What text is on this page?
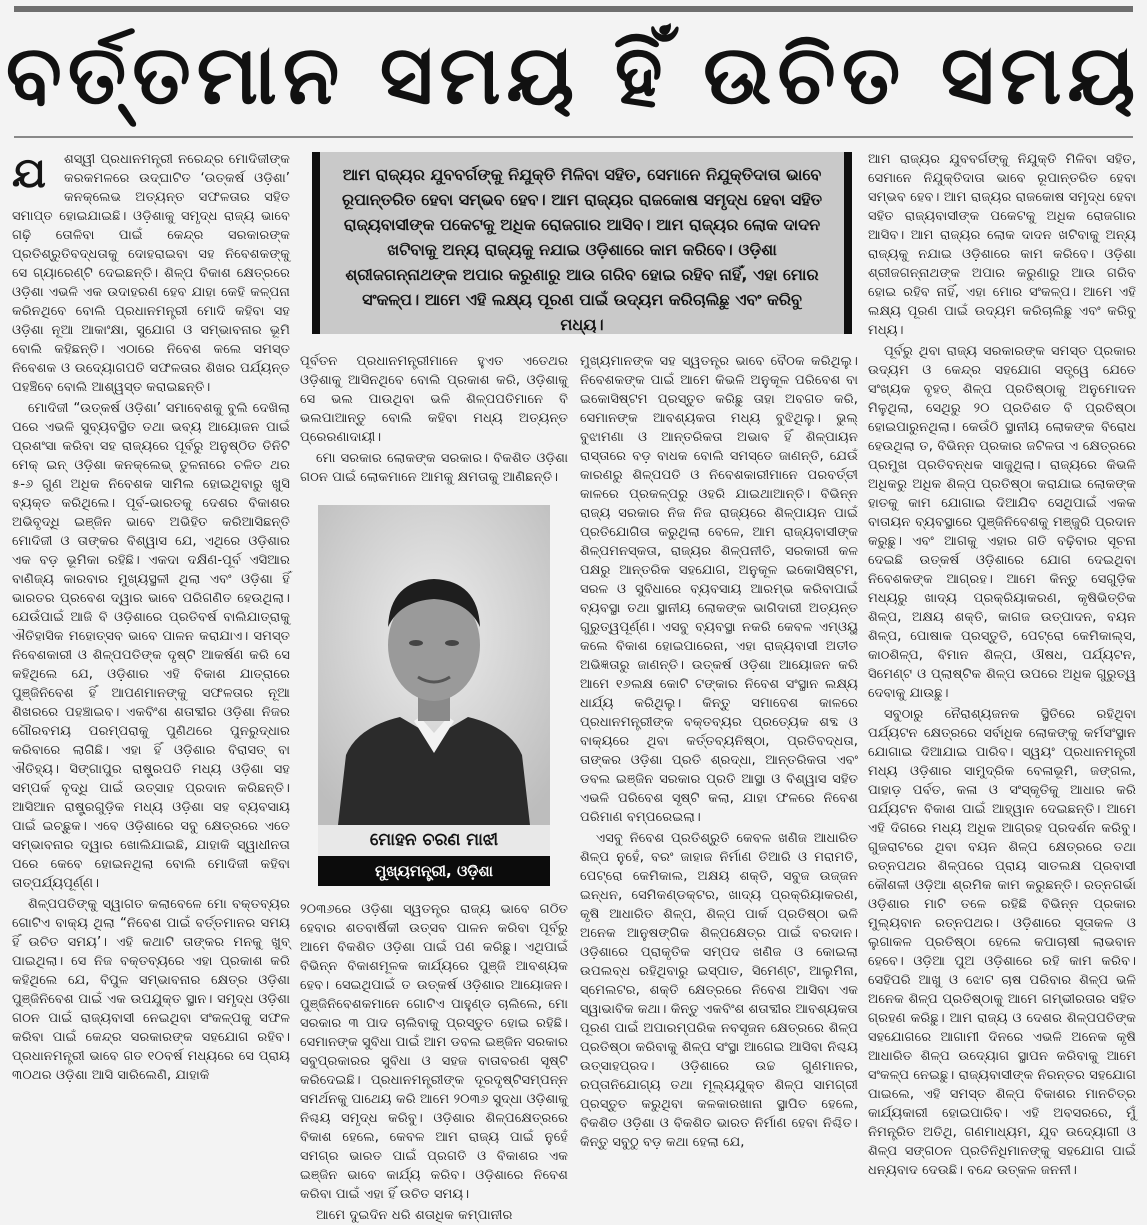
ବର୍ତ୍ତମାନ ସମୟ ହିଁ ଉଚିତ ସମୟ

ଯ	ଶସ୍ୱୀ ପ୍ରଧାନମନ୍ତ୍ରୀ ନରେନ୍ଦ୍ର ମୋଦିଜୀଙ୍କ କରକମଳରେ ଉଦ୍‌ଘାଟିତ ‘ଉତ୍କର୍ଷ ଓଡ଼ିଶା’ କନକ୍ଲେଭ ଅତ୍ୟନ୍ତ ସଫଳତାର ସହିତ ସମାପ୍ତ ହୋଇଯାଇଛି। ଓଡ଼ିଶାକୁ ସମୃଦ୍ଧ ରାଜ୍ୟ ଭାବେ ଗଢ଼ି ତୋଳିବା ପାଇଁ କେନ୍ଦ୍ର ସରକାରଙ୍କ ପ୍ରତିଶ୍ରୁତିବଦ୍ଧତାକୁ ଦୋହରାଇବା ସହ ନିବେଶକଙ୍କୁ ସେ ଗ୍ୟାରେଣ୍ଟି ଦେଇଛନ୍ତି। ଶିଳ୍ପ ବିକାଶ କ୍ଷେତ୍ରରେ ଓଡ଼ିଶା ଏଭଳି ଏକ ଉଦାହରଣ ହେବ ଯାହା କେହି କଳ୍ପନା କରିନଥିବେ ବୋଲି ପ୍ରଧାନମନ୍ତ୍ରୀ ମୋଦି କହିବା ସହ ଓଡ଼ିଶା ନୂଆ ଆକାଂକ୍ଷା, ସୁଯୋଗ ଓ ସମ୍ଭାବନାର ଭୂମି ବୋଲି କହିଛନ୍ତି। ଏଠାରେ ନିବେଶ କଲେ ସମସ୍ତ ନିବେଶକ ଓ ଉଦ୍ୟୋଗପତି ସଫଳତାର ଶିଖର ପର୍ଯ୍ୟନ୍ତ ପହଞ୍ଚିବେ ବୋଲି ଆଶ୍ୱସ୍ତ କରାଇଛନ୍ତି।

ମୋଦିଜୀ “ଉତ୍କର୍ଷ ଓଡ଼ିଶା’ ସମାବେଶକୁ ବୁଲି ଦେଖିଲା ପରେ ଏଭଳି ସୁବ୍ୟବସ୍ଥିତ ତଥା ଭବ୍ୟ ଆୟୋଜନ ପାଇଁ ପ୍ରଶଂସା କରିବା ସହ ରାଜ୍ୟରେ ପୂର୍ବରୁ ଅନୁଷ୍ଠିତ ତିନିଟି ମେକ୍ ଇନ୍ ଓଡ଼ିଶା କନକ୍ଲେଭ୍ ତୁଳନାରେ ଚଳିତ ଥର ୫-୬ ଗୁଣ ଅଧିକ ନିବେଶକ ସାମିଲ ହୋଇଥିବାରୁ ଖୁସି ବ୍ୟକ୍ତ କରିଥିଲେ। ପୂର୍ବ-ଭାରତକୁ ଦେଶର ବିକାଶର ଅଭିବୃଦ୍ଧି ଇଞ୍ଜିନ ଭାବେ ଅଭିହିତ କରିଆସିଛନ୍ତି ମୋଦିଜୀ ଓ ତାଙ୍କର ବିଶ୍ୱାସ ଯେ, ଏଥିରେ ଓଡ଼ିଶାର ଏକ ବଡ଼ ଭୂମିକା ରହିଛି। ଏକଦା ଦକ୍ଷିଣ-ପୂର୍ବ ଏସିଆର ବାଣିଜ୍ୟ କାରବାର ମୁଖ୍ୟସ୍ଥଳୀ ଥିଲା ଏବଂ ଓଡ଼ିଶା ହିଁ ଭାରତର ପ୍ରବେଶ ଦ୍ୱାର ଭାବେ ପରିଗଣିତ ହେଉଥିଲା। ଯେଉଁପାଇଁ ଆଜି ବି ଓଡ଼ିଶାରେ ପ୍ରତିବର୍ଷ ବାଲିଯାତ୍ରାକୁ ଐତିହାସିକ ମହୋତ୍ସବ ଭାବେ ପାଳନ କରାଯାଏ। ସମସ୍ତ ନିବେଶକାରୀ ଓ ଶିଳ୍ପପତିଙ୍କ ଦୃଷ୍ଟି ଆକର୍ଷଣ କରି ସେ କହିଥିଲେ ଯେ, ଓଡ଼ିଶାର ଏହି ବିକାଶ ଯାତ୍ରାରେ ପୁଞ୍ଜିନିବେଶ ହିଁ ଆପଣମାନଙ୍କୁ ସଫଳତାର ନୂଆ ଶିଖରରେ ପହଞ୍ଚାଇବ। ଏକବିଂଶ ଶତାବ୍ଦୀର ଓଡ଼ିଶା ନିଜର ଗୌରବମୟ ପରମ୍ପରାକୁ ପୁଣିଥରେ ପୁନରୁଦ୍ଧାର କରିବାରେ ଲାଗିଛି। ଏହା ହିଁ ଓଡ଼ିଶାର ବିରାସତ୍ ବା ଐତିହ୍ୟ। ସିଙ୍ଗାପୁର ରାଷ୍ଟ୍ରପତି ମଧ୍ୟ ଓଡ଼ିଶା ସହ ସମ୍ପର୍କ ବୃଦ୍ଧି ପାଇଁ ଉତ୍ସାହ ପ୍ରଦାନ କରିଛନ୍ତି। ଆସିଆନ ରାଷ୍ଟ୍ରଗୁଡ଼ିକ ମଧ୍ୟ ଓଡ଼ିଶା ସହ ବ୍ୟବସାୟ ପାଇଁ ଇଚ୍ଛୁକ। ଏବେ ଓଡ଼ିଶାରେ ସବୁ କ୍ଷେତ୍ରରେ ଏତେ ସମ୍ଭାବନାର ଦ୍ୱାର ଖୋଲିଯାଇଛି, ଯାହାକି ସ୍ୱାଧୀନତା ପରେ କେବେ ହୋଇନଥିଲା ବୋଲି ମୋଦିଜୀ କହିବା ତାତ୍ପର୍ଯ୍ୟପୂର୍ଣ୍ଣ।

ଶିଳ୍ପପତିଙ୍କୁ ସ୍ୱାଗତ କଲାବେଳେ ମୋ ବକ୍ତବ୍ୟର ଗୋଟିଏ ବାକ୍ୟ ଥିଲା “ନିବେଶ ପାଇଁ ବର୍ତ୍ତମାନର ସମୟ ହିଁ ଉଚିତ ସମୟ’। ଏହି କଥାଟି ତାଙ୍କର ମନକୁ ଖୁବ୍ ପାଇଥିଲା। ସେ ନିଜ ବକ୍ତବ୍ୟରେ ଏହା ପ୍ରକାଶ କରି କହିଥିଲେ ଯେ, ବିପୁଳ ସମ୍ଭାବନାର କ୍ଷେତ୍ର ଓଡ଼ିଶା ପୁଞ୍ଜିନିବେଶ ପାଇଁ ଏକ ଉପଯୁକ୍ତ ସ୍ଥାନ। ସମୃଦ୍ଧ ଓଡ଼ିଶା ଗଠନ ପାଇଁ ରାଜ୍ୟବାସୀ ନେଇଥିବା ସଂକଳ୍ପକୁ ସଫଳ କରିବା ପାଇଁ କେନ୍ଦ୍ର ସରକାରଙ୍କ ସହଯୋଗ ରହିବ। ପ୍ରଧାନମନ୍ତ୍ରୀ ଭାବେ ଗତ ୧୦ବର୍ଷ ମଧ୍ୟରେ ସେ ପ୍ରାୟ ୩୦ଥର ଓଡ଼ିଶା ଆସି ସାରିଲେଣି, ଯାହାକି

ଆମ ରାଜ୍ୟର ଯୁବବର୍ଗଙ୍କୁ ନିଯୁକ୍ତି ମିଳିବା ସହିତ, ସେମାନେ ନିଯୁକ୍ତିଦାତା ଭାବେ ରୂପାନ୍ତରିତ ହେବା ସମ୍ଭବ ହେବ। ଆମ ରାଜ୍ୟର ରାଜକୋଷ ସମୃଦ୍ଧ ହେବା ସହିତ ରାଜ୍ୟବାସୀଙ୍କ ପକେଟକୁ ଅଧିକ ରୋଜଗାର ଆସିବ। ଆମ ରାଜ୍ୟର ଲୋକ ଦାଦନ ଖଟିବାକୁ ଅନ୍ୟ ରାଜ୍ୟକୁ ନଯାଇ ଓଡ଼ିଶାରେ କାମ କରିବେ। ଓଡ଼ିଶା ଶ୍ରୀଜଗନ୍ନାଥଙ୍କ ଅପାର କରୁଣାରୁ ଆଉ ଗରିବ ହୋଇ ରହିବ ନାହିଁ, ଏହା ମୋର ସଂକଳ୍ପ। ଆମେ ଏହି ଲକ୍ଷ୍ୟ ପୂରଣ ପାଇଁ ଉଦ୍ୟମ କରିଚାଲିଛୁ ଏବଂ କରିବୁ ମଧ୍ୟ।

ପୂର୍ବତନ ପ୍ରଧାନମନ୍ତ୍ରୀମାନେ ହୁଏତ ଏତେଥର ଓଡ଼ିଶାକୁ ଆସିନଥିବେ ବୋଲି ପ୍ରକାଶ କରି, ଓଡ଼ିଶାକୁ ସେ ଭଲ ପାଉଥିବା ଭଳି ଶିଳ୍ପପତିମାନେ ବି ଭଲପାଆନ୍ତୁ ବୋଲି କହିବା ମଧ୍ୟ ଅତ୍ୟନ୍ତ ପ୍ରେରଣାଦାୟୀ।

ମୋ ସରକାର ଲୋକଙ୍କ ସରକାର। ବିକଶିତ ଓଡ଼ିଶା ଗଠନ ପାଇଁ ଲୋକମାନେ ଆମକୁ କ୍ଷମତାକୁ ଆଣିଛନ୍ତି।

ମୋହନ ଚରଣ ମାଝୀ
ମୁଖ୍ୟମନ୍ତ୍ରୀ, ଓଡ଼ିଶା

୨୦୩୬ରେ ଓଡ଼ିଶା ସ୍ୱତନ୍ତ୍ର ରାଜ୍ୟ ଭାବେ ଗଠିତ ହେବାର ଶତବାର୍ଷିକୀ ଉତ୍ସବ ପାଳନ କରିବା ପୂର୍ବରୁ ଆମେ ବିକଶିତ ଓଡ଼ିଶା ପାଇଁ ପଣ କରିଛୁ। ଏଥିପାଇଁ ବିଭିନ୍ନ ବିକାଶମୂଳକ କାର୍ଯ୍ୟରେ ପୁଞ୍ଜି ଆବଶ୍ୟକ ହେବ। ସେଇଥିପାଇଁ ତ ଉତ୍କର୍ଷ ଓଡ଼ିଶାର ଆୟୋଜନ। ପୁଞ୍ଜିନିବେଶକମାନେ ଗୋଟିଏ ପାହୁଣ୍ଡ ଚାଲିଲେ, ମୋ ସରକାର ୩ ପାଦ ଚାଲିବାକୁ ପ୍ରସ୍ତୁତ ହୋଇ ରହିଛି। ସେମାନଙ୍କ ସୁବିଧା ପାଇଁ ଆମ ଡବଲ ଇଞ୍ଜିନ ସରକାର ସବୁପ୍ରକାରର ସୁବିଧା ଓ ସହଜ ବାତାବରଣ ସୃଷ୍ଟି କରିଦେଇଛି। ପ୍ରଧାନମନ୍ତ୍ରୀଙ୍କ ଦୂରଦୃଷ୍ଟିସମ୍ପନ୍ନ ସମର୍ଥନକୁ ପାଥେୟ କରି ଆମେ ୨୦୩୬ ସୁଦ୍ଧା ଓଡ଼ିଶାକୁ ନିଶ୍ଚୟ ସମୃଦ୍ଧ କରିବୁ। ଓଡ଼ିଶାର ଶିଳ୍ପକ୍ଷେତ୍ରରେ ବିକାଶ ହେଲେ, କେବଳ ଆମ ରାଜ୍ୟ ପାଇଁ ନୁହେଁ ସମଗ୍ର ଭାରତ ପାଇଁ ପ୍ରଗତି ଓ ବିକାଶର ଏକ ଇଞ୍ଜିନ ଭାବେ କାର୍ଯ୍ୟ କରିବ। ଓଡ଼ିଶାରେ ନିବେଶ କରିବା ପାଇଁ ଏହା ହିଁ ଉଚିତ ସମୟ।

ଆମେ ଦୁଇଦିନ ଧରି ଶତାଧିକ କମ୍ପାନୀର

ମୁଖ୍ୟମାନଙ୍କ ସହ ସ୍ୱତନ୍ତ୍ର ଭାବେ ବୈଠକ କରିଥିଲୁ। ନିବେଶକଙ୍କ ପାଇଁ ଆମେ କିଭଳି ଅନୁକୂଳ ପରିବେଶ ବା ଇକୋସିଷ୍ଟମ ପ୍ରସ୍ତୁତ କରିଛୁ ତାହା ଅବଗତ କରି, ସେମାନଙ୍କ ଆବଶ୍ୟକତା ମଧ୍ୟ ବୁଝିଥିଲୁ। ଭୁଲ୍ ବୁଝାମଣା ଓ ଆନ୍ତରିକତା ଅଭାବ ହିଁ ଶିଳ୍ପାୟନ ରାସ୍ତାରେ ବଡ଼ ବାଧକ ବୋଲି ସମସ୍ତେ ଜାଣନ୍ତି, ଯେଉଁ କାରଣରୁ ଶିଳ୍ପପତି ଓ ନିବେଶକାରୀମାନେ ପରବର୍ତ୍ତୀ କାଳରେ ପ୍ରକଳ୍ପରୁ ଓହରି ଯାଇଥାଆନ୍ତି। ବିଭିନ୍ନ ରାଜ୍ୟ ସରକାର ନିଜ ନିଜ ରାଜ୍ୟରେ ଶିଳ୍ପାୟନ ପାଇଁ ପ୍ରତିଯୋଗିତା କରୁଥିଲା ବେଳେ, ଆମ ରାଜ୍ୟବାସୀଙ୍କ ଶିଳ୍ପମନସ୍କତା, ରାଜ୍ୟର ଶିଳ୍ପନୀତି, ସରକାରୀ କଳ ପକ୍ଷରୁ ଆନ୍ତରିକ ସହଯୋଗ, ଅନୁକୂଳ ଇକୋସିଷ୍ଟମ, ସରଳ ଓ ସୁବିଧାରେ ବ୍ୟବସାୟ ଆରମ୍ଭ କରିବାପାଇଁ ବ୍ୟବସ୍ଥା ତଥା ସ୍ଥାନୀୟ ଲୋକଙ୍କ ଭାଗିଦାରୀ ଅତ୍ୟନ୍ତ ଗୁରୁତ୍ୱପୂର୍ଣ୍ଣ। ଏସବୁ ବ୍ୟବସ୍ଥା ନକରି କେବଳ ଏମ୍ଓୟୁ କଲେ ବିକାଶ ହୋଇପାରେନା, ଏହା ରାଜ୍ୟବାସୀ ଅତୀତ ଅଭିଜ୍ଞତାରୁ ଜାଣନ୍ତି। ଉତ୍କର୍ଷ ଓଡ଼ିଶା ଆୟୋଜନ କରି ଆମେ ୧୬ଲକ୍ଷ କୋଟି ଟଙ୍କାର ନିବେଶ ସଂସ୍ଥାନ ଲକ୍ଷ୍ୟ ଧାର୍ଯ୍ୟ କରିଥିଲୁ। କିନ୍ତୁ ସମାବେଶ କାଳରେ ପ୍ରଧାନମନ୍ତ୍ରୀଙ୍କ ବକ୍ତବ୍ୟର ପ୍ରତ୍ୟେକ ଶବ୍ଦ ଓ ବାକ୍ୟରେ ଥିବା କର୍ତ୍ତବ୍ୟନିଷ୍ଠା, ପ୍ରତିବଦ୍ଧତା, ତାଙ୍କର ଓଡ଼ିଶା ପ୍ରତି ଶ୍ରଦ୍ଧା, ଆନ୍ତରିକତା ଏବଂ ଡବଲ ଇଞ୍ଜିନ ସରକାର ପ୍ରତି ଆସ୍ଥା ଓ ବିଶ୍ୱାସ ସହିତ ଏଭଳି ପରିବେଶ ସୃଷ୍ଟି କଲା, ଯାହା ଫଳରେ ନିବେଶ ପରିମାଣ ବମ୍ପରେଇଲା।

ଏସବୁ ନିବେଶ ପ୍ରତିଶ୍ରୁତି କେବଳ ଖଣିଜ ଆଧାରିତ ଶିଳ୍ପ ନୁହେଁ, ବରଂ ଜାହାଜ ନିର୍ମାଣ ତିଆରି ଓ ମରାମତି, ପେଟ୍ରୋ କେମିକାଲ, ଅକ୍ଷୟ ଶକ୍ତି, ସବୁଜ ଉଜ୍ଜନ ଇନ୍ଧନ, ସେମିକଣ୍ଡକ୍ଟର, ଖାଦ୍ୟ ପ୍ରକ୍ରିୟାକରଣ, କୃଷି ଆଧାରିତ ଶିଳ୍ପ, ଶିଳ୍ପ ପାର୍କ ପ୍ରତିଷ୍ଠା ଭଳି ଅନେକ ଆନୁଷଙ୍ଗିକ ଶିଳ୍ପକ୍ଷେତ୍ର ପାଇଁ ବରଦାନ। ଓଡ଼ିଶାରେ ପ୍ରାକୃତିକ ସମ୍ପଦ ଖଣିଜ ଓ କୋଇଲା ଉପଲବ୍ଧ ରହିଥିବାରୁ ଇସ୍ପାତ, ସିମେଣ୍ଟ, ଆଲୁମିନା, ସ୍ମେଲଟର, ଶକ୍ତି କ୍ଷେତ୍ରରେ ନିବେଶ ଆସିବା ଏକ ସ୍ୱାଭାବିକ କଥା। କିନ୍ତୁ ଏକବିଂଶ ଶତାବ୍ଦୀର ଆବଶ୍ୟକତା ପୂରଣ ପାଇଁ ଅପାରମ୍ପରିକ ନବସୃଜନ କ୍ଷେତ୍ରରେ ଶିଳ୍ପ ପ୍ରତିଷ୍ଠା କରିବାକୁ ଶିଳ୍ପ ସଂସ୍ଥା ଆଗେଇ ଆସିବା ନିଶ୍ଚୟ ଉତ୍ସାହପ୍ରଦ। ଓଡ଼ିଶାରେ ଉଚ୍ଚ ଗୁଣମାନର, ରପ୍ତାନିଯୋଗ୍ୟ ତଥା ମୂଲ୍ୟଯୁକ୍ତ ଶିଳ୍ପ ସାମଗ୍ରୀ ପ୍ରସ୍ତୁତ କରୁଥିବା କଳକାରଖାନା ସ୍ଥାପିତ ହେଲେ, ବିକଶିତ ଓଡ଼ିଶା ଓ ବିକଶିତ ଭାରତ ନିର୍ମାଣ ହେବା ନିଶ୍ଚିତ। କିନ୍ତୁ ସବୁଠୁ ବଡ଼ କଥା ହେଲା ଯେ,

ଆମ ରାଜ୍ୟର ଯୁବବର୍ଗଙ୍କୁ ନିଯୁକ୍ତି ମିଳିବା ସହିତ, ସେମାନେ ନିଯୁକ୍ତିଦାତା ଭାବେ ରୂପାନ୍ତରିତ ହେବା ସମ୍ଭବ ହେବ। ଆମ ରାଜ୍ୟର ରାଜକୋଷ ସମୃଦ୍ଧ ହେବା ସହିତ ରାଜ୍ୟବାସୀଙ୍କ ପକେଟକୁ ଅଧିକ ରୋଜଗାର ଆସିବ। ଆମ ରାଜ୍ୟର ଲୋକ ଦାଦନ ଖଟିବାକୁ ଅନ୍ୟ ରାଜ୍ୟକୁ ନଯାଇ ଓଡ଼ିଶାରେ କାମ କରିବେ। ଓଡ଼ିଶା ଶ୍ରୀଜଗନ୍ନାଥଙ୍କ ଅପାର କରୁଣାରୁ ଆଉ ଗରିବ ହୋଇ ରହିବ ନାହିଁ, ଏହା ମୋର ସଂକଳ୍ପ। ଆମେ ଏହି ଲକ୍ଷ୍ୟ ପୂରଣ ପାଇଁ ଉଦ୍ୟମ କରିଚାଲିଛୁ ଏବଂ କରିବୁ ମଧ୍ୟ।

ପୂର୍ବରୁ ଥିବା ରାଜ୍ୟ ସରକାରଙ୍କ ସମସ୍ତ ପ୍ରକାର ଉଦ୍ୟମ ଓ କେନ୍ଦ୍ର ସହଯୋଗ ସତ୍ତ୍ୱେ ଯେତେ ସଂଖ୍ୟକ ବୃହତ୍ ଶିଳ୍ପ ପ୍ରତିଷ୍ଠାକୁ ଅନୁମୋଦନ ମିଳୁଥିଲା, ସେଥିରୁ ୨୦ ପ୍ରତିଶତ ବି ପ୍ରତିଷ୍ଠା ହୋଇପାରୁନଥିଲା। କେଉଁଠି ସ୍ଥାନୀୟ ଲୋକଙ୍କ ବିରୋଧ ହେଉଥିଲା ତ, ବିଭିନ୍ନ ପ୍ରକାର ଜଟିଳତା ଏ କ୍ଷେତ୍ରରେ ପ୍ରମୁଖ ପ୍ରତିବନ୍ଧକ ସାଜୁଥିଲା। ରାଜ୍ୟରେ କିଭଳି ଅଧିକରୁ ଅଧିକ ଶିଳ୍ପ ପ୍ରତିଷ୍ଠା କରାଯାଇ ଲୋକଙ୍କ ହାତକୁ କାମ ଯୋଗାଇ ଦିଆଯିବ ସେଥିପାଇଁ ଏକକ ବାତାୟନ ବ୍ୟବସ୍ଥାରେ ପୁଞ୍ଜିନିବେଶକୁ ମଞ୍ଜୁରି ପ୍ରଦାନ କରୁଛୁ। ଏବଂ ଆଗକୁ ଏହାର ଗତି ବଢ଼ିବାର ସୂଚନା ଦେଇଛି ଉତ୍କର୍ଷ ଓଡ଼ିଶାରେ ଯୋଗ ଦେଇଥିବା ନିବେଶକଙ୍କ ଆଗ୍ରହ। ଆମେ କିନ୍ତୁ ସେଗୁଡ଼ିକ ମଧ୍ୟରୁ ଖାଦ୍ୟ ପ୍ରକ୍ରିୟାକରଣ, କୃଷିଭିତ୍ତିକ ଶିଳ୍ପ, ଅକ୍ଷୟ ଶକ୍ତି, କାଗଜ ଉତ୍ପାଦନ, ବୟନ ଶିଳ୍ପ, ପୋଷାକ ପ୍ରସ୍ତୁତି, ପେଟ୍ରୋ କେମିକାଲ୍ସ, କାଠଶିଳ୍ପ, ବିମାନ ଶିଳ୍ପ, ଔଷଧ, ପର୍ଯ୍ୟଟନ, ସିମେଣ୍ଟ ଓ ପ୍ଲାଷ୍ଟିକ ଶିଳ୍ପ ଉପରେ ଅଧିକ ଗୁରୁତ୍ୱ ଦେବାକୁ ଯାଉଛୁ।

ସବୁଠାରୁ ନୈରାଶ୍ୟଜନକ ସ୍ଥିତିରେ ରହିଥିବା ପର୍ଯ୍ୟଟନ କ୍ଷେତ୍ରରେ ସର୍ବାଧିକ ଲୋକଙ୍କୁ କର୍ମସଂସ୍ଥାନ ଯୋଗାଇ ଦିଆଯାଇ ପାରିବ। ସ୍ୱୟଂ ପ୍ରଧାନମନ୍ତ୍ରୀ ମଧ୍ୟ ଓଡ଼ିଶାର ସାମୁଦ୍ରିକ ବେଳାଭୂମି, ଜଙ୍ଗଲ, ପାହାଡ଼ ପର୍ବତ, କଳା ଓ ସଂସ୍କୃତିକୁ ଆଧାର କରି ପର୍ଯ୍ୟଟନ ବିକାଶ ପାଇଁ ଆହ୍ୱାନ ଦେଇଛନ୍ତି। ଆମେ ଏହି ଦିଗରେ ମଧ୍ୟ ଅଧିକ ଆଗ୍ରହ ପ୍ରଦର୍ଶନ କରିବୁ। ଗୁଜରାଟରେ ଥିବା ବୟନ ଶିଳ୍ପ କ୍ଷେତ୍ରରେ ତଥା ରତ୍ନପଥର ଶିଳ୍ପରେ ପ୍ରାୟ ସାତଲକ୍ଷ ପ୍ରବାସୀ କୌଶଳୀ ଓଡ଼ିଆ ଶ୍ରମିକ କାମ କରୁଛନ୍ତି। ରତ୍ନଗର୍ଭା ଓଡ଼ିଶାର ମାଟି ତଳେ ରହିଛି ବିଭିନ୍ନ ପ୍ରକାର ମୁଲ୍ୟବାନ ରତ୍ନପଥର। ଓଡ଼ିଶାରେ ସୂତାକଳ ଓ ଲୁଗାକଳ ପ୍ରତିଷ୍ଠା ହେଲେ କପାଚାଷୀ ଲାଭବାନ ହେବେ। ଓଡ଼ିଆ ପୁଅ ଓଡ଼ିଶାରେ ରହି କାମ କରିବ। ସେହିପରି ଆଖୁ ଓ ଝୋଟ ଚାଷ ପରିବାର ଶିଳ୍ପ ଭଳି ଅନେକ ଶିଳ୍ପ ପ୍ରତିଷ୍ଠାକୁ ଆମେ ଗମ୍ଭୀରତାର ସହିତ ଗ୍ରହଣ କରିଛୁ। ଆମ ରାଜ୍ୟ ଓ ଦେଶର ଶିଳ୍ପପତିଙ୍କ ସହଯୋଗରେ ଆଗାମୀ ଦିନରେ ଏଭଳି ଅନେକ କୃଷି ଆଧାରିତ ଶିଳ୍ପ ଉଦ୍ୟୋଗ ସ୍ଥାପନ କରିବାକୁ ଆମେ ସଂକଳ୍ପ ନେଇଛୁ। ରାଜ୍ୟବାସୀଙ୍କ ନିରନ୍ତର ସହଯୋଗ ପାଇଲେ, ଏହି ସମସ୍ତ ଶିଳ୍ପ ବିକାଶର ମାନଚିତ୍ର କାର୍ଯ୍ୟକାରୀ ହୋଇପାରିବ। ଏହି ଅବସରରେ, ମୁଁ ନିମନ୍ତ୍ରିତ ଅତିଥି, ଗଣମାଧ୍ୟମ, ଯୁବ ଉଦ୍ୟୋଗୀ ଓ ଶିଳ୍ପ ସଙ୍ଗଠନ ପ୍ରତିନିଧିମାନଙ୍କୁ ସହଯୋଗ ପାଇଁ ଧନ୍ୟବାଦ ଦେଉଛି। ବନ୍ଦେ ଉତ୍କଳ ଜନନୀ।
